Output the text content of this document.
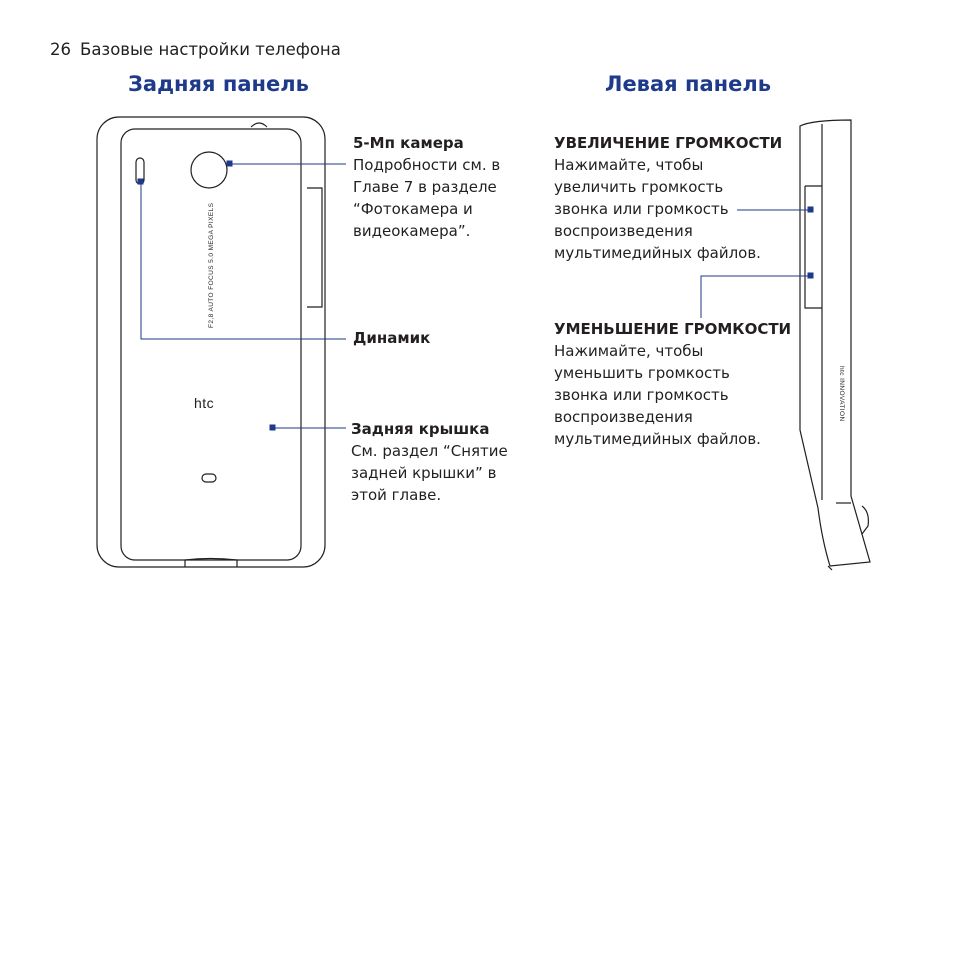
26 Базовые настройки телефона
Задняя панель	Левая панель
F2,8 AUTO FOCUS 5.0 MEGA PIXELS
htc	htc INNOVATION
5-Мп камера
Подробности см. в
Главе 7 в разделе
“Фотокамера и
видеокамера”.
Динамик
Задняя крышка
См. раздел “Снятие
задней крышки” в
этой главе.
УВЕЛИЧЕНИЕ ГРОМКОСТИ
Нажимайте, чтобы
увеличить громкость
звонка или громкость
воспроизведения
мультимедийных файлов.
УМЕНЬШЕНИЕ ГРОМКОСТИ
Нажимайте, чтобы
уменьшить громкость
звонка или громкость
воспроизведения
мультимедийных файлов.
